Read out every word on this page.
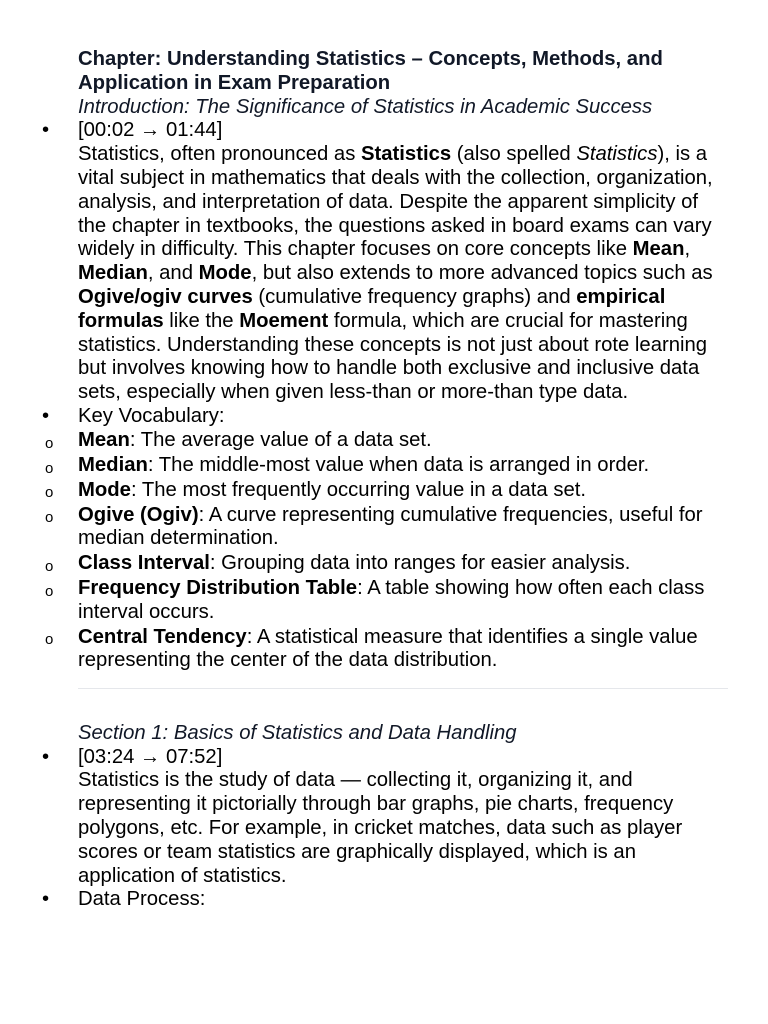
Chapter: Understanding Statistics – Concepts, Methods, and Application in Exam Preparation

Introduction: The Significance of Statistics in Academic Success

• [00:02 → 01:44]
Statistics, often pronounced as Statistics (also spelled Statistics), is a vital subject in mathematics that deals with the collection, organization, analysis, and interpretation of data. Despite the apparent simplicity of the chapter in textbooks, the questions asked in board exams can vary widely in difficulty. This chapter focuses on core concepts like Mean, Median, and Mode, but also extends to more advanced topics such as Ogive/ogiv curves (cumulative frequency graphs) and empirical formulas like the Moement formula, which are crucial for mastering statistics. Understanding these concepts is not just about rote learning but involves knowing how to handle both exclusive and inclusive data sets, especially when given less-than or more-than type data.
• Key Vocabulary:
o Mean: The average value of a data set.
o Median: The middle-most value when data is arranged in order.
o Mode: The most frequently occurring value in a data set.
o Ogive (Ogiv): A curve representing cumulative frequencies, useful for median determination.
o Class Interval: Grouping data into ranges for easier analysis.
o Frequency Distribution Table: A table showing how often each class interval occurs.
o Central Tendency: A statistical measure that identifies a single value representing the center of the data distribution.

Section 1: Basics of Statistics and Data Handling

• [03:24 → 07:52]
Statistics is the study of data — collecting it, organizing it, and representing it pictorially through bar graphs, pie charts, frequency polygons, etc. For example, in cricket matches, data such as player scores or team statistics are graphically displayed, which is an application of statistics.
• Data Process:
